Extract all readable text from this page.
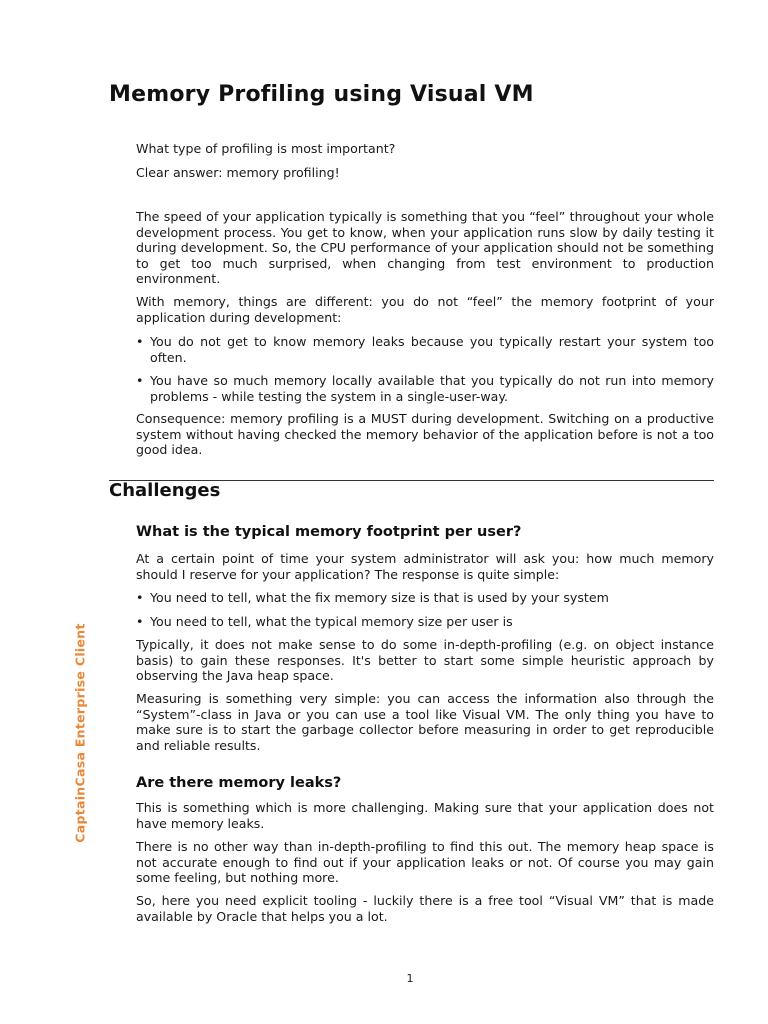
Memory Profiling using Visual VM

What type of profiling is most important?

Clear answer: memory profiling!

The speed of your application typically is something that you “feel” throughout your whole development process. You get to know, when your application runs slow by daily testing it during development. So, the CPU performance of your application should not be something to get too much surprised, when changing from test environment to production environment.

With memory, things are different: you do not “feel” the memory footprint of your application during development:

• You do not get to know memory leaks because you typically restart your system too often.

• You have so much memory locally available that you typically do not run into memory problems - while testing the system in a single-user-way.

Consequence: memory profiling is a MUST during development. Switching on a productive system without having checked the memory behavior of the application before is not a too good idea.

Challenges
What is the typical memory footprint per user?

At a certain point of time your system administrator will ask you: how much memory should I reserve for your application? The response is quite simple:

• You need to tell, what the fix memory size is that is used by your system

• You need to tell, what the typical memory size per user is

Typically, it does not make sense to do some in-depth-profiling (e.g. on object instance basis) to gain these responses. It's better to start some simple heuristic approach by observing the Java heap space.

Measuring is something very simple: you can access the information also through the “System”-class in Java or you can use a tool like Visual VM. The only thing you have to make sure is to start the garbage collector before measuring in order to get reproducible and reliable results.

Are there memory leaks?

This is something which is more challenging. Making sure that your application does not have memory leaks.

There is no other way than in-depth-profiling to find this out. The memory heap space is not accurate enough to find out if your application leaks or not. Of course you may gain some feeling, but nothing more.

So, here you need explicit tooling - luckily there is a free tool “Visual VM” that is made available by Oracle that helps you a lot.

CaptainCasa Enterprise Client
1
